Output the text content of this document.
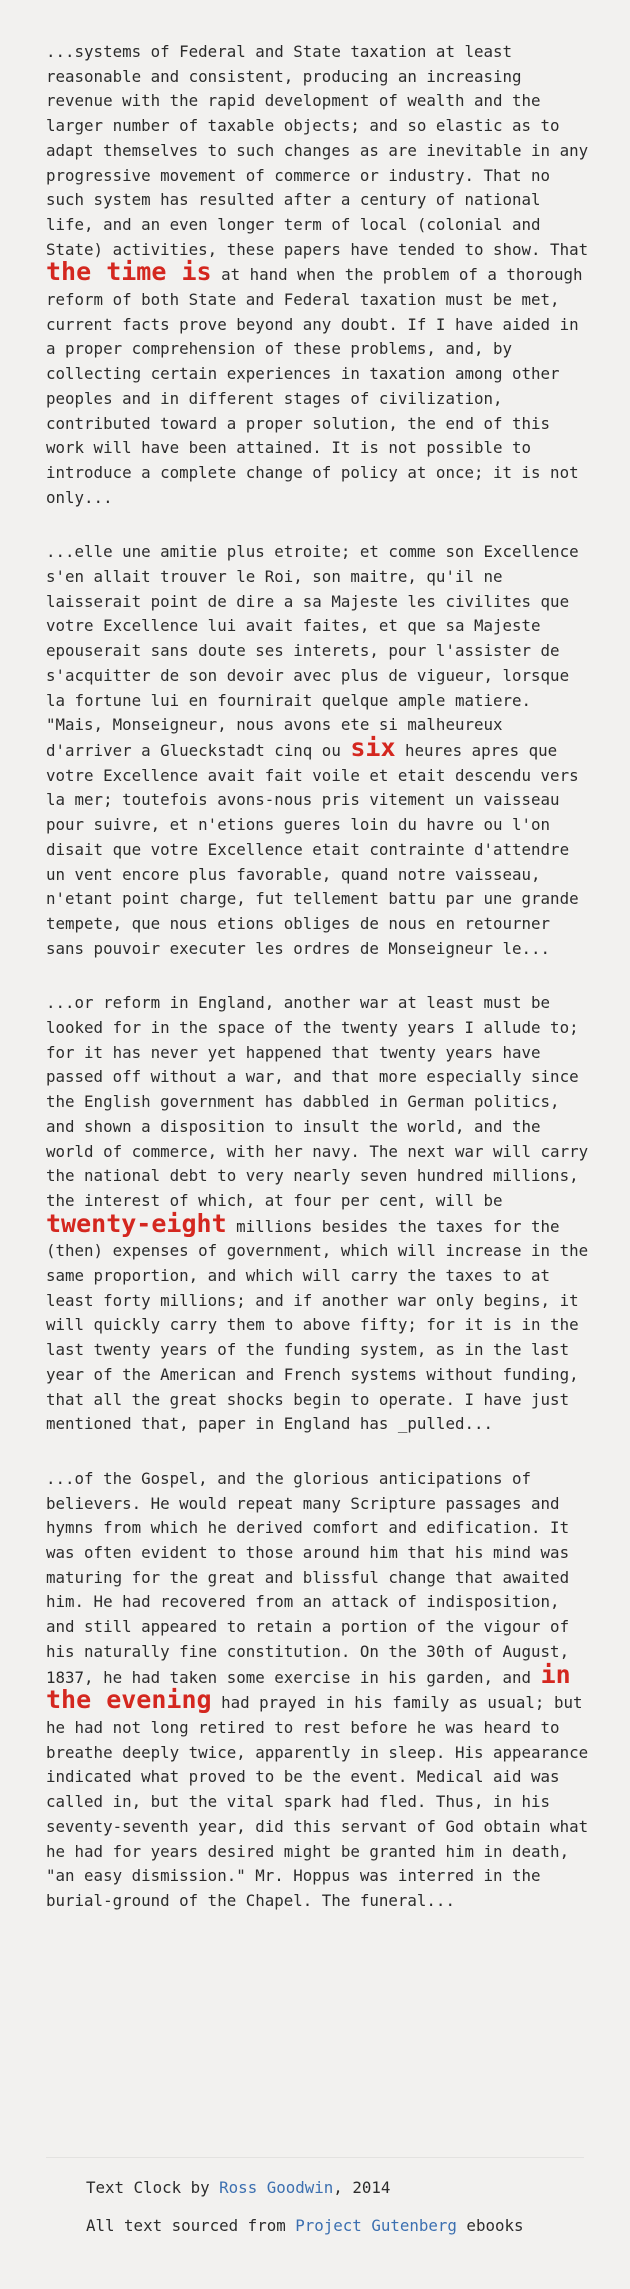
...systems of Federal and State taxation at least reasonable and consistent, producing an increasing revenue with the rapid development of wealth and the larger number of taxable objects; and so elastic as to adapt themselves to such changes as are inevitable in any progressive movement of commerce or industry. That no such system has resulted after a century of national life, and an even longer term of local (colonial and State) activities, these papers have tended to show. That the time is at hand when the problem of a thorough reform of both State and Federal taxation must be met, current facts prove beyond any doubt. If I have aided in a proper comprehension of these problems, and, by collecting certain experiences in taxation among other peoples and in different stages of civilization, contributed toward a proper solution, the end of this work will have been attained. It is not possible to introduce a complete change of policy at once; it is not only...

...elle une amitie plus etroite; et comme son Excellence s'en allait trouver le Roi, son maitre, qu'il ne laisserait point de dire a sa Majeste les civilites que votre Excellence lui avait faites, et que sa Majeste epouserait sans doute ses interets, pour l'assister de s'acquitter de son devoir avec plus de vigueur, lorsque la fortune lui en fournirait quelque ample matiere. "Mais, Monseigneur, nous avons ete si malheureux d'arriver a Glueckstadt cinq ou six heures apres que votre Excellence avait fait voile et etait descendu vers la mer; toutefois avons-nous pris vitement un vaisseau pour suivre, et n'etions gueres loin du havre ou l'on disait que votre Excellence etait contrainte d'attendre un vent encore plus favorable, quand notre vaisseau, n'etant point charge, fut tellement battu par une grande tempete, que nous etions obliges de nous en retourner sans pouvoir executer les ordres de Monseigneur le...

...or reform in England, another war at least must be looked for in the space of the twenty years I allude to; for it has never yet happened that twenty years have passed off without a war, and that more especially since the English government has dabbled in German politics, and shown a disposition to insult the world, and the world of commerce, with her navy. The next war will carry the national debt to very nearly seven hundred millions, the interest of which, at four per cent, will be twenty-eight millions besides the taxes for the (then) expenses of government, which will increase in the same proportion, and which will carry the taxes to at least forty millions; and if another war only begins, it will quickly carry them to above fifty; for it is in the last twenty years of the funding system, as in the last year of the American and French systems without funding, that all the great shocks begin to operate. I have just mentioned that, paper in England has _pulled...

...of the Gospel, and the glorious anticipations of believers. He would repeat many Scripture passages and hymns from which he derived comfort and edification. It was often evident to those around him that his mind was maturing for the great and blissful change that awaited him. He had recovered from an attack of indisposition, and still appeared to retain a portion of the vigour of his naturally fine constitution. On the 30th of August, 1837, he had taken some exercise in his garden, and in the evening had prayed in his family as usual; but he had not long retired to rest before he was heard to breathe deeply twice, apparently in sleep. His appearance indicated what proved to be the event. Medical aid was called in, but the vital spark had fled. Thus, in his seventy-seventh year, did this servant of God obtain what he had for years desired might be granted him in death, "an easy dismission." Mr. Hoppus was interred in the burial-ground of the Chapel. The funeral...

Text Clock by Ross Goodwin, 2014

All text sourced from Project Gutenberg ebooks
